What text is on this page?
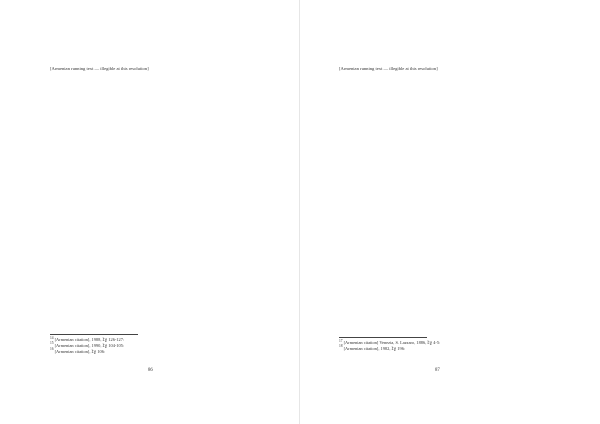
[Armenian running text — illegible at this resolution]
$^{14}$[Armenian citation], 1988, էջ 126-127:
$^{15}$[Armenian citation], 1990, էջ 104-105:
$^{16}$[Armenian citation], էջ 106:
86
[Armenian running text — illegible at this resolution]
$^{17}$[Armenian citation] Venezia, S. Lazzaro, 1886, էջ 4-5:
$^{18}$[Armenian citation], 1982, էջ 196:
87
